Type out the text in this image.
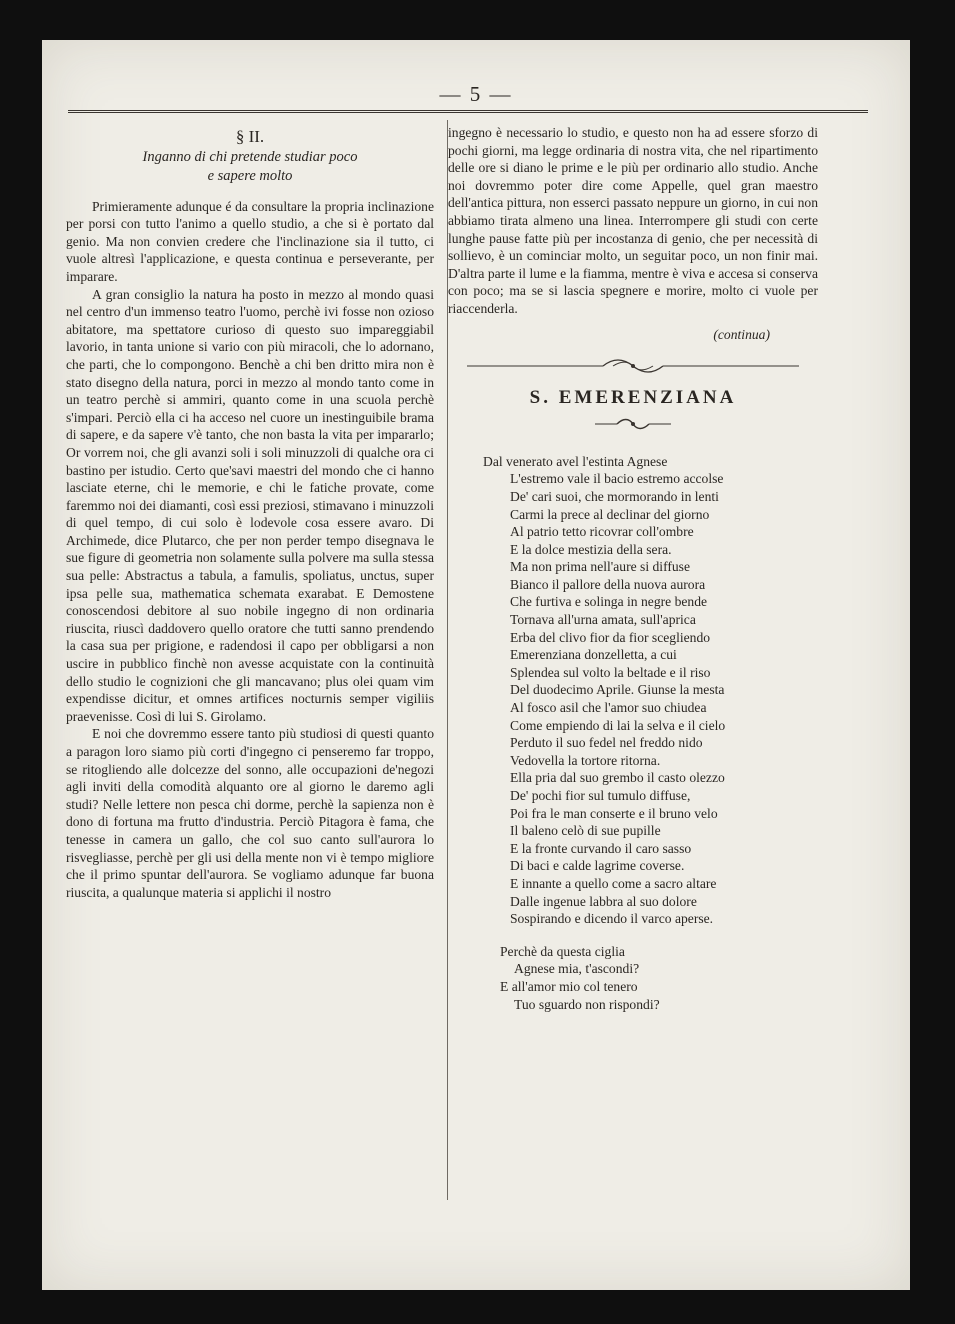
— 5 —
§ II.

Inganno di chi pretende studiar poco

e sapere molto

Primieramente adunque é da consultare la propria inclinazione per porsi con tutto l'animo a quello studio, a che si è portato dal genio. Ma non convien credere che l'inclinazione sia il tutto, ci vuole altresì l'applicazione, e questa continua e perseverante, per imparare.

A gran consiglio la natura ha posto in mezzo al mondo quasi nel centro d'un immenso teatro l'uomo, perchè ivi fosse non ozioso abitatore, ma spettatore curioso di questo suo impareggiabil lavorio, in tanta unione si vario con più miracoli, che lo adornano, che parti, che lo compongono. Benchè a chi ben dritto mira non è stato disegno della natura, porci in mezzo al mondo tanto come in un teatro perchè si ammiri, quanto come in una scuola perchè s'impari. Perciò ella ci ha acceso nel cuore un inestinguibile brama di sapere, e da sapere v'è tanto, che non basta la vita per impararlo; Or vorrem noi, che gli avanzi soli i soli minuzzoli di qualche ora ci bastino per istudio. Certo que'savi maestri del mondo che ci hanno lasciate eterne, chi le memorie, e chi le fatiche provate, come faremmo noi dei diamanti, così essi preziosi, stimavano i minuzzoli di quel tempo, di cui solo è lodevole cosa essere avaro. Di Archimede, dice Plutarco, che per non perder tempo disegnava le sue figure di geometria non solamente sulla polvere ma sulla stessa sua pelle: Abstractus a tabula, a famulis, spoliatus, unctus, super ipsa pelle sua, mathematica schemata exarabat. E Demostene conoscendosi debitore al suo nobile ingegno di non ordinaria riuscita, riuscì daddovero quello oratore che tutti sanno prendendo la casa sua per prigione, e radendosi il capo per obbligarsi a non uscire in pubblico finchè non avesse acquistate con la continuità dello studio le cognizioni che gli mancavano; plus olei quam vim expendisse dicitur, et omnes artifices nocturnis semper vigiliis praevenisse. Così di lui S. Girolamo.

E noi che dovremmo essere tanto più studiosi di questi quanto a paragon loro siamo più corti d'ingegno ci penseremo far troppo, se ritogliendo alle dolcezze del sonno, alle occupazioni de'negozi agli inviti della comodità alquanto ore al giorno le daremo agli studi? Nelle lettere non pesca chi dorme, perchè la sapienza non è dono di fortuna ma frutto d'industria. Perciò Pitagora è fama, che tenesse in camera un gallo, che col suo canto sull'aurora lo risvegliasse, perchè per gli usi della mente non vi è tempo migliore che il primo spuntar dell'aurora. Se vogliamo adunque far buona riuscita, a qualunque materia si applichi il nostro

ingegno è necessario lo studio, e questo non ha ad essere sforzo di pochi giorni, ma legge ordinaria di nostra vita, che nel ripartimento delle ore si diano le prime e le più per ordinario allo studio. Anche noi dovremmo poter dire come Appelle, quel gran maestro dell'antica pittura, non esserci passato neppure un giorno, in cui non abbiamo tirata almeno una linea. Interrompere gli studi con certe lunghe pause fatte più per incostanza di genio, che per necessità di sollievo, è un cominciar molto, un seguitar poco, un non finir mai. D'altra parte il lume e la fiamma, mentre è viva e accesa si conserva con poco; ma se si lascia spegnere e morire, molto ci vuole per riaccenderla.

(continua)

S. EMERENZIANA

Dal venerato avel l'estinta Agnese

L'estremo vale il bacio estremo accolse

De' cari suoi, che mormorando in lenti

Carmi la prece al declinar del giorno

Al patrio tetto ricovrar coll'ombre

E la dolce mestizia della sera.

Ma non prima nell'aure si diffuse

Bianco il pallore della nuova aurora

Che furtiva e solinga in negre bende

Tornava all'urna amata, sull'aprica

Erba del clivo fior da fior scegliendo

Emerenziana donzelletta, a cui

Splendea sul volto la beltade e il riso

Del duodecimo Aprile. Giunse la mesta

Al fosco asil che l'amor suo chiudea

Come empiendo di lai la selva e il cielo

Perduto il suo fedel nel freddo nido

Vedovella la tortore ritorna.

Ella pria dal suo grembo il casto olezzo

De' pochi fior sul tumulo diffuse,

Poi fra le man conserte e il bruno velo

Il baleno celò di sue pupille

E la fronte curvando il caro sasso

Di baci e calde lagrime coverse.

E innante a quello come a sacro altare

Dalle ingenue labbra al suo dolore

Sospirando e dicendo il varco aperse.

Perchè da questa ciglia

Agnese mia, t'ascondi?

E all'amor mio col tenero

Tuo sguardo non rispondi?
